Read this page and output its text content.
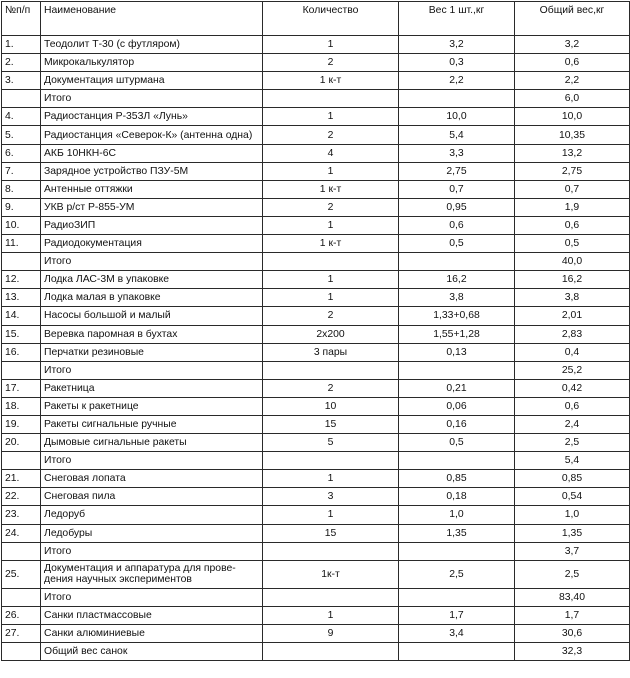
№п/п	Наименование	Количество	Вес 1 шт.,кг	Общий вес,кг
1.	Теодолит Т-30 (с футляром)	1	3,2	3,2
2.	Микрокалькулятор	2	0,3	0,6
3.	Документация штурмана	1 к-т	2,2	2,2
	Итого			6,0
4.	Радиостанция Р-353Л «Лунь»	1	10,0	10,0
5.	Радиостанция «Северок-К» (антенна одна)	2	5,4	10,35
6.	АКБ 10НКН-6С	4	3,3	13,2
7.	Зарядное устройство ПЗУ-5М	1	2,75	2,75
8.	Антенные оттяжки	1 к-т	0,7	0,7
9.	УКВ р/ст Р-855-УМ	2	0,95	1,9
10.	РадиоЗИП	1	0,6	0,6
11.	Радиодокументация	1 к-т	0,5	0,5
	Итого			40,0
12.	Лодка ЛАС-3М в упаковке	1	16,2	16,2
13.	Лодка малая в упаковке	1	3,8	3,8
14.	Насосы большой и малый	2	1,33+0,68	2,01
15.	Веревка паромная в бухтах	2х200	1,55+1,28	2,83
16.	Перчатки резиновые	3 пары	0,13	0,4
	Итого			25,2
17.	Ракетница	2	0,21	0,42
18.	Ракеты к ракетнице	10	0,06	0,6
19.	Ракеты сигнальные ручные	15	0,16	2,4
20.	Дымовые сигнальные ракеты	5	0,5	2,5
	Итого			5,4
21.	Снеговая лопата	1	0,85	0,85
22.	Снеговая пила	3	0,18	0,54
23.	Ледоруб	1	1,0	1,0
24.	Ледобуры	15	1,35	1,35
	Итого			3,7
25.	Документация и аппаратура для прове-дения научных экспериментов	1к-т	2,5	2,5
	Итого			83,40
26.	Санки пластмассовые	1	1,7	1,7
27.	Санки алюминиевые	9	3,4	30,6
	Общий вес санок			32,3
